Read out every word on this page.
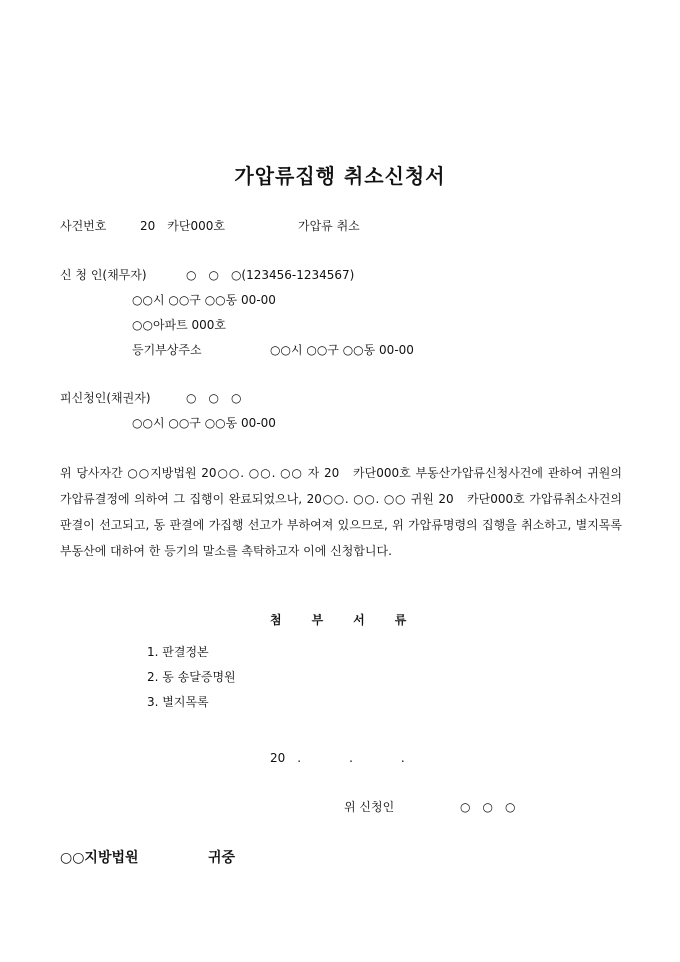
가압류집행 취소신청서
사건번호	20　카단000호	가압류 취소
신 청 인(채무자)	○　○　○(123456-1234567)
○○시 ○○구 ○○동 00-00
○○아파트 000호
등기부상주소	○○시 ○○구 ○○동 00-00
피신청인(채권자)	○　○　○
○○시 ○○구 ○○동 00-00
위 당사자간 ○○지방법원 20○○. ○○. ○○ 자 20　카단000호 부동산가압류신청사건에 관하여 귀원의 가압류결정에 의하여 그 집행이 완료되었으나, 20○○. ○○. ○○ 귀원 20　카단000호 가압류취소사건의 판결이 선고되고, 동 판결에 가집행 선고가 부하여져 있으므로, 위 가압류명령의 집행을 취소하고, 별지목록 부동산에 대하여 한 등기의 말소를 촉탁하고자 이에 신청합니다.
첨부서류
1. 판결정본
2. 동 송달증명원
3. 별지목록
20　.　　　　.　　　　.
위 신청인	○　○　○
○○지방법원	귀중
